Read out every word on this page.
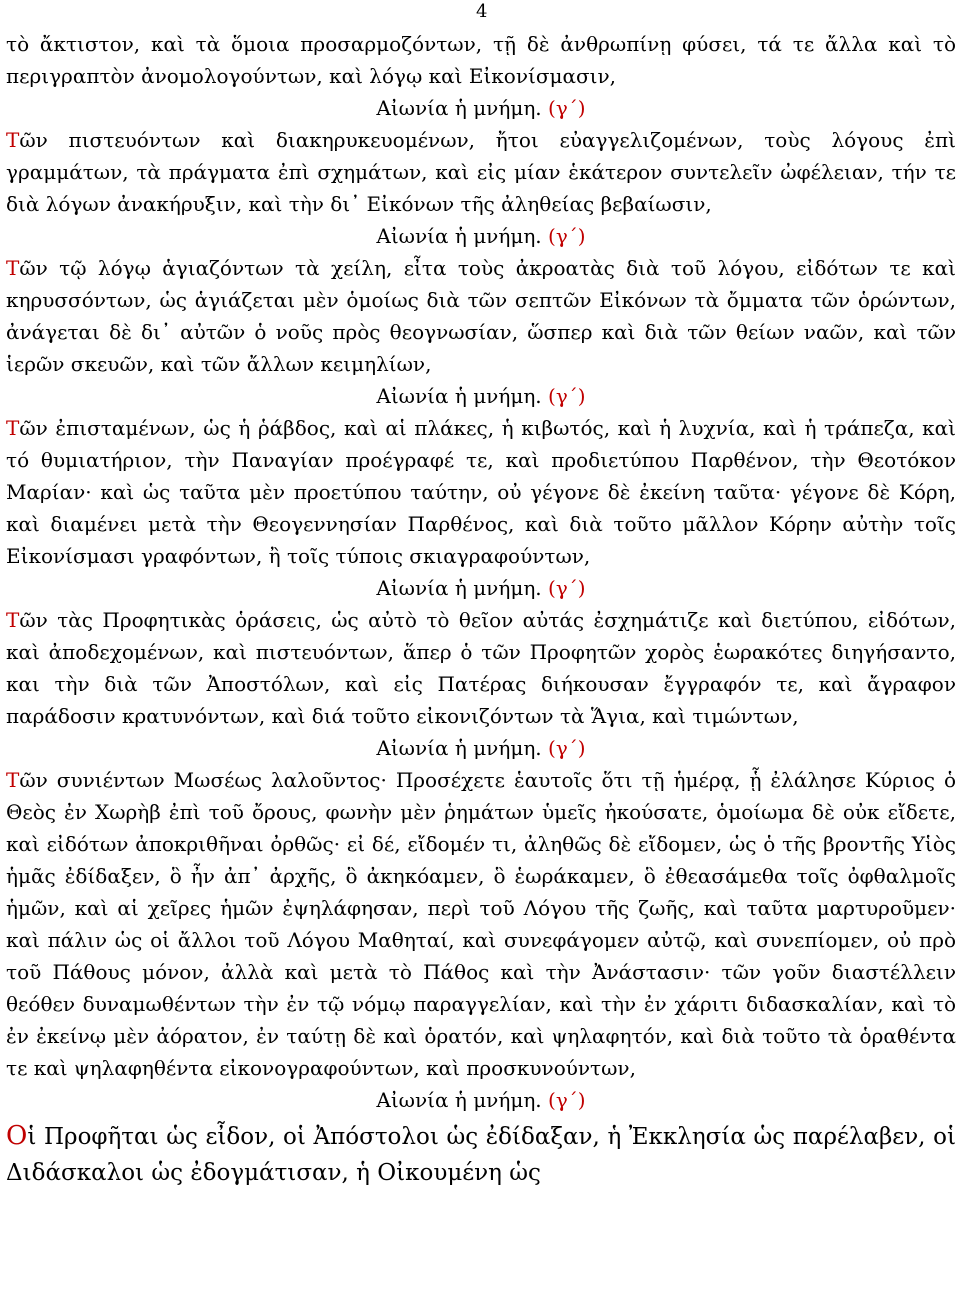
4

τὸ ἄκτιστον, καὶ τὰ ὅμοια προσαρμοζόντων, τῇ δὲ ἀνθρωπίνῃ φύσει, τά τε ἄλλα καὶ τὸ περιγραπτὸν ἀνομολογούντων, καὶ λόγῳ καὶ Εἰκονίσμασιν,

Αἰωνία ἡ μνήμη. (γ´)

Τῶν πιστευόντων καὶ διακηρυκευομένων, ἤτοι εὐαγγελιζομένων, τοὺς λόγους ἐπὶ γραμμάτων, τὰ πράγματα ἐπὶ σχημάτων, καὶ εἰς μίαν ἑκάτερον συντελεῖν ὠφέλειαν, τήν τε διὰ λόγων ἀνακήρυξιν, καὶ τὴν δι᾿ Εἰκόνων τῆς ἀληθείας βεβαίωσιν,

Αἰωνία ἡ μνήμη. (γ´)

Τῶν τῷ λόγῳ ἁγιαζόντων τὰ χείλη, εἶτα τοὺς ἀκροατὰς διὰ τοῦ λόγου, εἰδότων τε καὶ κηρυσσόντων, ὡς ἁγιάζεται μὲν ὁμοίως διὰ τῶν σεπτῶν Εἰκόνων τὰ ὄμματα τῶν ὁρώντων, ἀνάγεται δὲ δι᾿ αὐτῶν ὁ νοῦς πρὸς θεογνωσίαν, ὥσπερ καὶ διὰ τῶν θείων ναῶν, καὶ τῶν ἱερῶν σκευῶν, καὶ τῶν ἄλλων κειμηλίων,

Αἰωνία ἡ μνήμη. (γ´)

Τῶν ἐπισταμένων, ὡς ἡ ῥάβδος, καὶ αἱ πλάκες, ἡ κιβωτός, καὶ ἡ λυχνία, καὶ ἡ τράπεζα, καὶ τό θυμιατήριον, τὴν Παναγίαν προέγραφέ τε, καὶ προδιετύπου Παρθένον, τὴν Θεοτόκον Μαρίαν· καὶ ὡς ταῦτα μὲν προετύπου ταύτην, οὐ γέγονε δὲ ἐκείνη ταῦτα· γέγονε δὲ Κόρη, καὶ διαμένει μετὰ τὴν Θεογεννησίαν Παρθένος, καὶ διὰ τοῦτο μᾶλλον Κόρην αὐτὴν τοῖς Εἰκονίσμασι γραφόντων, ἢ τοῖς τύποις σκιαγραφούντων,

Αἰωνία ἡ μνήμη. (γ´)

Τῶν τὰς Προφητικὰς ὁράσεις, ὡς αὐτὸ τὸ θεῖον αὐτάς ἐσχημάτιζε καὶ διετύπου, εἰδότων, καὶ ἀποδεχομένων, καὶ πιστευόντων, ἅπερ ὁ τῶν Προφητῶν χορὸς ἑωρακότες διηγήσαντο, και τὴν διὰ τῶν Ἀποστόλων, καὶ εἰς Πατέρας διήκουσαν ἔγγραφόν τε, καὶ ἄγραφον παράδοσιν κρατυνόντων, καὶ διά τοῦτο εἰκονιζόντων τὰ Ἅγια, καὶ τιμώντων,

Αἰωνία ἡ μνήμη. (γ´)

Τῶν συνιέντων Μωσέως λαλοῦντος· Προσέχετε ἑαυτοῖς ὅτι τῇ ἡμέρᾳ, ᾗ ἐλάλησε Κύριος ὁ Θεὸς ἐν Χωρὴβ ἐπὶ τοῦ ὄρους, φωνὴν μὲν ῥημάτων ὑμεῖς ἠκούσατε, ὁμοίωμα δὲ οὐκ εἴδετε, καὶ εἰδότων ἀποκριθῆναι ὀρθῶς· εἰ δέ, εἴδομέν τι, ἀληθῶς δὲ εἴδομεν, ὡς ὁ τῆς βροντῆς Υἱὸς ἡμᾶς ἐδίδαξεν, ὃ ἦν ἀπ᾿ ἀρχῆς, ὃ ἀκηκόαμεν, ὃ ἑωράκαμεν, ὃ ἐθεασάμεθα τοῖς ὀφθαλμοῖς ἡμῶν, καὶ αἱ χεῖρες ἡμῶν ἐψηλάφησαν, περὶ τοῦ Λόγου τῆς ζωῆς, καὶ ταῦτα μαρτυροῦμεν· καὶ πάλιν ὡς οἱ ἄλλοι τοῦ Λόγου Μαθηταί, καὶ συνεφάγομεν αὐτῷ, καὶ συνεπίομεν, οὐ πρὸ τοῦ Πάθους μόνον, ἀλλὰ καὶ μετὰ τὸ Πάθος καὶ τὴν Ἀνάστασιν· τῶν γοῦν διαστέλλειν θεόθεν δυναμωθέντων τὴν ἐν τῷ νόμῳ παραγγελίαν, καὶ τὴν ἐν χάριτι διδασκαλίαν, καὶ τὸ ἐν ἐκείνῳ μὲν ἀόρατον, ἐν ταύτῃ δὲ καὶ ὁρατόν, καὶ ψηλαφητόν, καὶ διὰ τοῦτο τὰ ὁραθέντα τε καὶ ψηλαφηθέντα εἰκονογραφούντων, καὶ προσκυνούντων,

Αἰωνία ἡ μνήμη. (γ´)

Οἱ Προφῆται ὡς εἶδον, οἱ Ἀπόστολοι ὡς ἐδίδαξαν, ἡ Ἐκκλησία ὡς παρέλαβεν, οἱ Διδάσκαλοι ὡς ἐδογμάτισαν, ἡ Οἰκουμένη ὡς
